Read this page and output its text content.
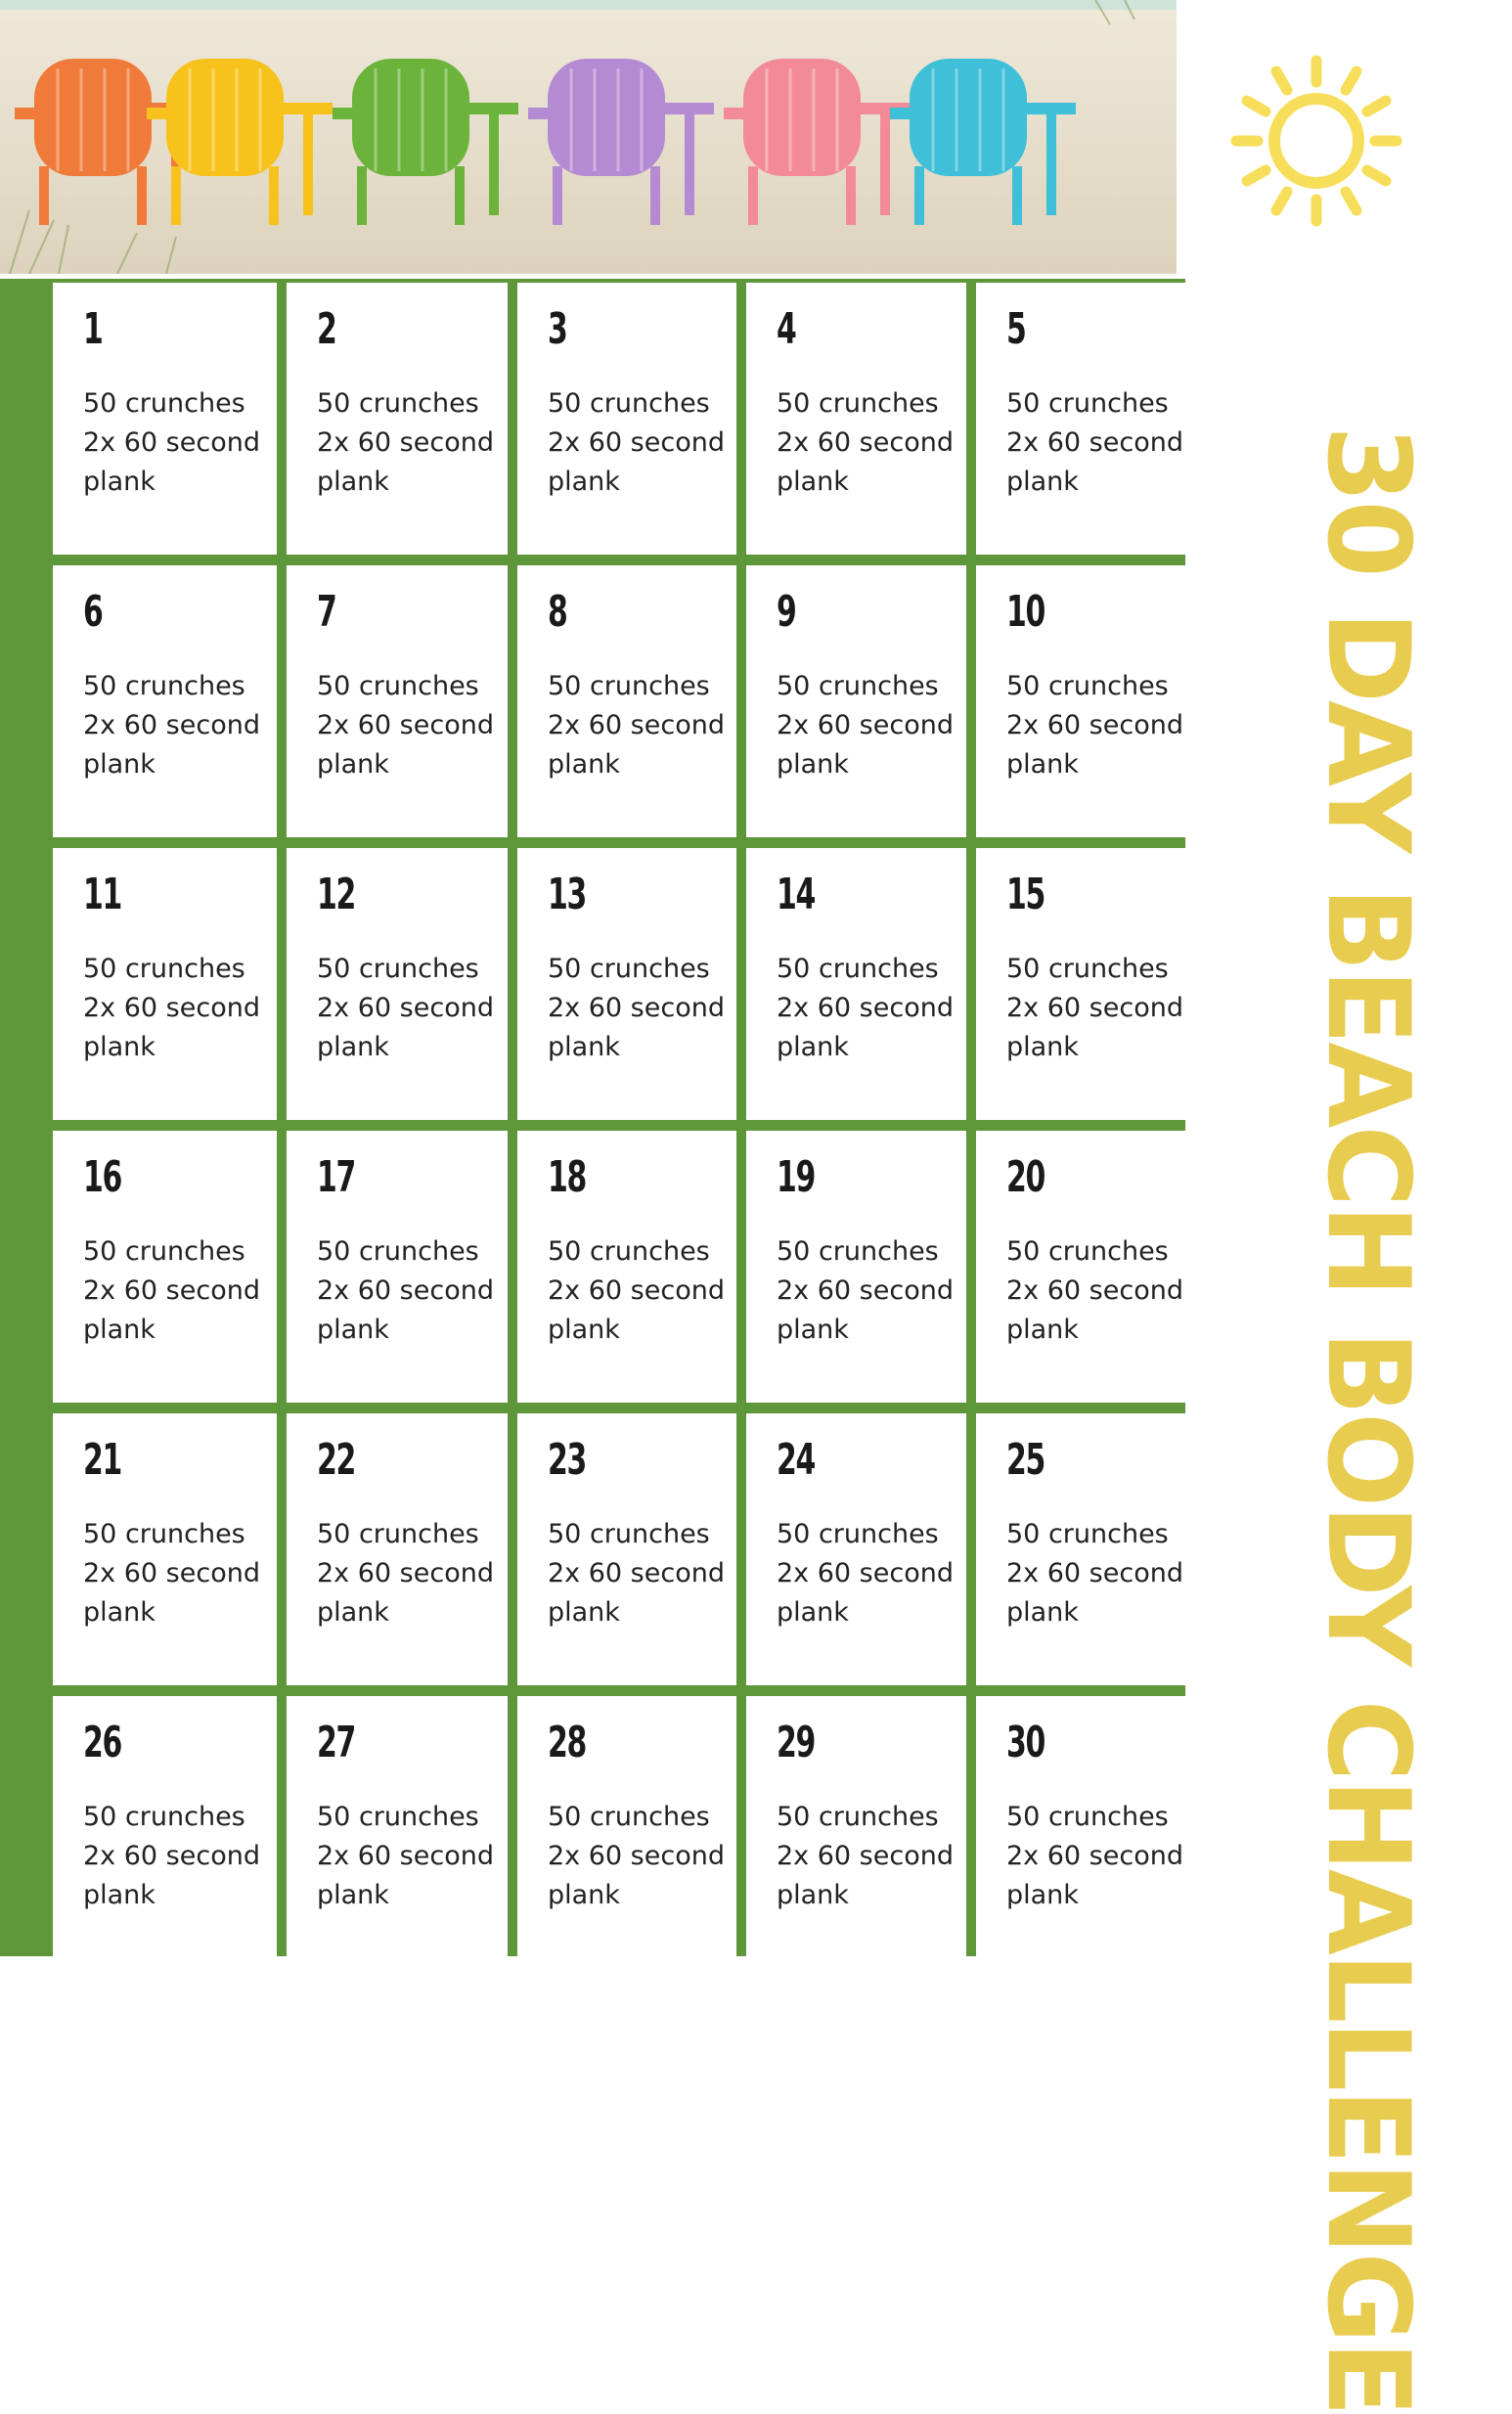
1
50 crunches
2x 60 second
plank
2
50 crunches
2x 60 second
plank
3
50 crunches
2x 60 second
plank
4
50 crunches
2x 60 second
plank
5
50 crunches
2x 60 second
plank
6
50 crunches
2x 60 second
plank
7
50 crunches
2x 60 second
plank
8
50 crunches
2x 60 second
plank
9
50 crunches
2x 60 second
plank
10
50 crunches
2x 60 second
plank
11
50 crunches
2x 60 second
plank
12
50 crunches
2x 60 second
plank
13
50 crunches
2x 60 second
plank
14
50 crunches
2x 60 second
plank
15
50 crunches
2x 60 second
plank
16
50 crunches
2x 60 second
plank
17
50 crunches
2x 60 second
plank
18
50 crunches
2x 60 second
plank
19
50 crunches
2x 60 second
plank
20
50 crunches
2x 60 second
plank
21
50 crunches
2x 60 second
plank
22
50 crunches
2x 60 second
plank
23
50 crunches
2x 60 second
plank
24
50 crunches
2x 60 second
plank
25
50 crunches
2x 60 second
plank
26
50 crunches
2x 60 second
plank
27
50 crunches
2x 60 second
plank
28
50 crunches
2x 60 second
plank
29
50 crunches
2x 60 second
plank
30
50 crunches
2x 60 second
plank	30 DAY BEACH BODY CHALLENGE
